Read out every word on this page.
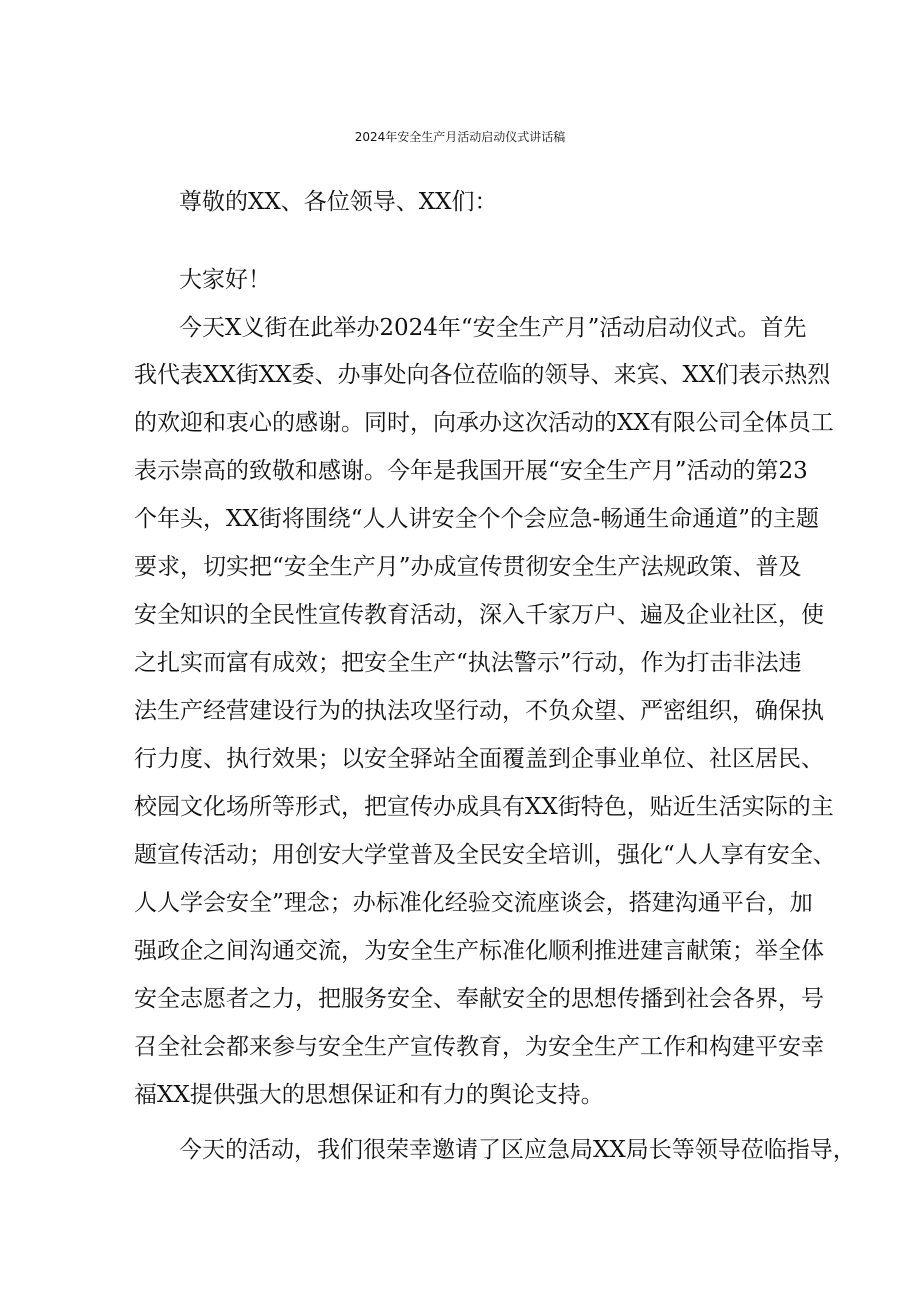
2024年安全生产月活动启动仪式讲话稿
尊敬的XX、各位领导、XX们：
大家好！
今天X义街在此举办2024年“安全生产月”活动启动仪式。首先
我代表XX街XX委、办事处向各位莅临的领导、来宾、XX们表示热烈
的欢迎和衷心的感谢。同时，向承办这次活动的XX有限公司全体员工
表示崇高的致敬和感谢。今年是我国开展“安全生产月”活动的第23
个年头，XX街将围绕“人人讲安全个个会应急-畅通生命通道”的主题
要求，切实把“安全生产月”办成宣传贯彻安全生产法规政策、普及
安全知识的全民性宣传教育活动，深入千家万户、遍及企业社区，使
之扎实而富有成效；把安全生产“执法警示”行动，作为打击非法违
法生产经营建设行为的执法攻坚行动，不负众望、严密组织，确保执
行力度、执行效果；以安全驿站全面覆盖到企事业单位、社区居民、
校园文化场所等形式，把宣传办成具有XX街特色，贴近生活实际的主
题宣传活动；用创安大学堂普及全民安全培训，强化“人人享有安全、
人人学会安全”理念；办标准化经验交流座谈会，搭建沟通平台，加
强政企之间沟通交流，为安全生产标准化顺利推进建言献策；举全体
安全志愿者之力，把服务安全、奉献安全的思想传播到社会各界，号
召全社会都来参与安全生产宣传教育，为安全生产工作和构建平安幸
福XX提供强大的思想保证和有力的舆论支持。
今天的活动，我们很荣幸邀请了区应急局XX局长等领导莅临指导，
